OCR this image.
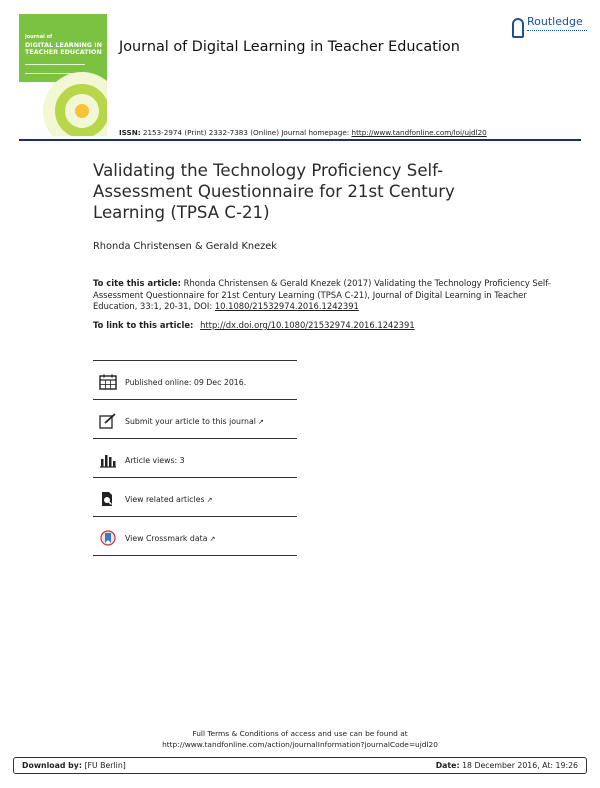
journal of
DIGITAL LEARNING IN TEACHER EDUCATION Journal of Digital Learning in Teacher Education
Routledge
ISSN: 2153-2974 (Print) 2332-7383 (Online) Journal homepage: http://www.tandfonline.com/loi/ujdl20
Validating the Technology Proficiency Self-Assessment Questionnaire for 21st Century Learning (TPSA C-21)
Rhonda Christensen & Gerald Knezek
To cite this article: Rhonda Christensen & Gerald Knezek (2017) Validating the Technology Proficiency Self-Assessment Questionnaire for 21st Century Learning (TPSA C-21), Journal of Digital Learning in Teacher Education, 33:1, 20-31, DOI: 10.1080/21532974.2016.1242391
To link to this article: http://dx.doi.org/10.1080/21532974.2016.1242391
Published online: 09 Dec 2016.
Submit your article to this journal ↗
Article views: 3
View related articles ↗
View Crossmark data ↗
Full Terms & Conditions of access and use can be found at
http://www.tandfonline.com/action/journalInformation?journalCode=ujdl20
Download by: [FU Berlin]	Date: 18 December 2016, At: 19:26
